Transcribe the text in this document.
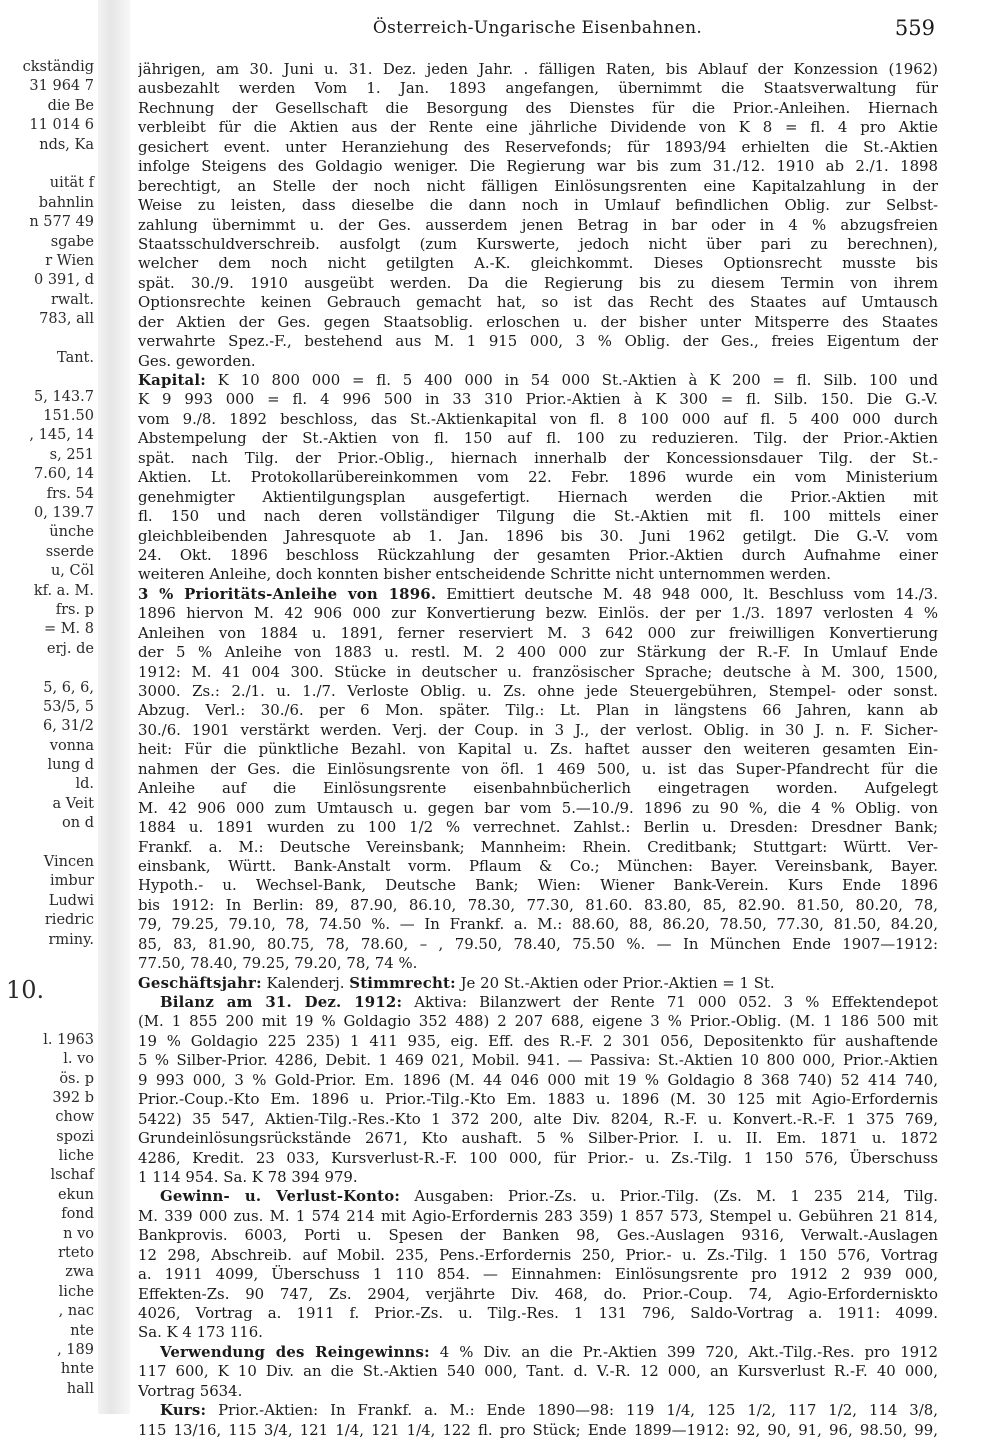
ckständig
31 964 7
die Be
11 014 6
nds, Ka
uität f
bahnlin
n 577 49
sgabe
r Wien
0 391, d
rwalt.
783, all
Tant.
5, 143.7
151.50
, 145, 14
s, 251
7.60, 14
frs. 54
0, 139.7
ünche
sserde
u, Cöl
kf. a. M.
frs. p
= M. 8
erj. de
5, 6, 6,
53/5, 5
6, 31/2
vonna
lung d
ld.
a Veit
on d
Vincen
imbur
Ludwi
riedric
rminy.
10.
l. 1963
l. vo
ös. p
392 b
chow
spozi
liche
lschaf
ekun
fond
n vo
rteto
zwa
liche
, nac
nte
, 189
hnte
hall
Österreich-Ungarische Eisenbahnen.	559
jährigen, am 30. Juni u. 31. Dez. jeden Jahr. . fälligen Raten, bis Ablauf der Konzession (1962)
ausbezahlt werden Vom 1. Jan. 1893 angefangen, übernimmt die Staatsverwaltung für
Rechnung der Gesellschaft die Besorgung des Dienstes für die Prior.-Anleihen. Hiernach
verbleibt für die Aktien aus der Rente eine jährliche Dividende von K 8 = fl. 4 pro Aktie
gesichert event. unter Heranziehung des Reservefonds; für 1893/94 erhielten die St.-Aktien
infolge Steigens des Goldagio weniger. Die Regierung war bis zum 31./12. 1910 ab 2./1. 1898
berechtigt, an Stelle der noch nicht fälligen Einlösungsrenten eine Kapitalzahlung in der
Weise zu leisten, dass dieselbe die dann noch in Umlauf befindlichen Oblig. zur Selbst-
zahlung übernimmt u. der Ges. ausserdem jenen Betrag in bar oder in 4 % abzugsfreien
Staatsschuldverschreib. ausfolgt (zum Kurswerte, jedoch nicht über pari zu berechnen),
welcher dem noch nicht getilgten A.-K. gleichkommt. Dieses Optionsrecht musste bis
spät. 30./9. 1910 ausgeübt werden. Da die Regierung bis zu diesem Termin von ihrem
Optionsrechte keinen Gebrauch gemacht hat, so ist das Recht des Staates auf Umtausch
der Aktien der Ges. gegen Staatsoblig. erloschen u. der bisher unter Mitsperre des Staates
verwahrte Spez.-F., bestehend aus M. 1 915 000, 3 % Oblig. der Ges., freies Eigentum der
Ges. geworden.
Kapital: K 10 800 000 = fl. 5 400 000 in 54 000 St.-Aktien à K 200 = fl. Silb. 100 und
K 9 993 000 = fl. 4 996 500 in 33 310 Prior.-Aktien à K 300 = fl. Silb. 150. Die G.-V.
vom 9./8. 1892 beschloss, das St.-Aktienkapital von fl. 8 100 000 auf fl. 5 400 000 durch
Abstempelung der St.-Aktien von fl. 150 auf fl. 100 zu reduzieren. Tilg. der Prior.-Aktien
spät. nach Tilg. der Prior.-Oblig., hiernach innerhalb der Koncessionsdauer Tilg. der St.-
Aktien. Lt. Protokollarübereinkommen vom 22. Febr. 1896 wurde ein vom Ministerium
genehmigter Aktientilgungsplan ausgefertigt. Hiernach werden die Prior.-Aktien mit
fl. 150 und nach deren vollständiger Tilgung die St.-Aktien mit fl. 100 mittels einer
gleichbleibenden Jahresquote ab 1. Jan. 1896 bis 30. Juni 1962 getilgt. Die G.-V. vom
24. Okt. 1896 beschloss Rückzahlung der gesamten Prior.-Aktien durch Aufnahme einer
weiteren Anleihe, doch konnten bisher entscheidende Schritte nicht unternommen werden.
3 % Prioritäts-Anleihe von 1896. Emittiert deutsche M. 48 948 000, lt. Beschluss vom 14./3.
1896 hiervon M. 42 906 000 zur Konvertierung bezw. Einlös. der per 1./3. 1897 verlosten 4 %
Anleihen von 1884 u. 1891, ferner reserviert M. 3 642 000 zur freiwilligen Konvertierung
der 5 % Anleihe von 1883 u. restl. M. 2 400 000 zur Stärkung der R.-F. In Umlauf Ende
1912: M. 41 004 300. Stücke in deutscher u. französischer Sprache; deutsche à M. 300, 1500,
3000. Zs.: 2./1. u. 1./7. Verloste Oblig. u. Zs. ohne jede Steuergebühren, Stempel- oder sonst.
Abzug. Verl.: 30./6. per 6 Mon. später. Tilg.: Lt. Plan in längstens 66 Jahren, kann ab
30./6. 1901 verstärkt werden. Verj. der Coup. in 3 J., der verlost. Oblig. in 30 J. n. F. Sicher-
heit: Für die pünktliche Bezahl. von Kapital u. Zs. haftet ausser den weiteren gesamten Ein-
nahmen der Ges. die Einlösungsrente von öfl. 1 469 500, u. ist das Super-Pfandrecht für die
Anleihe auf die Einlösungsrente eisenbahnbücherlich eingetragen worden. Aufgelegt
M. 42 906 000 zum Umtausch u. gegen bar vom 5.—10./9. 1896 zu 90 %, die 4 % Oblig. von
1884 u. 1891 wurden zu 100 1/2 % verrechnet. Zahlst.: Berlin u. Dresden: Dresdner Bank;
Frankf. a. M.: Deutsche Vereinsbank; Mannheim: Rhein. Creditbank; Stuttgart: Württ. Ver-
einsbank, Württ. Bank-Anstalt vorm. Pflaum & Co.; München: Bayer. Vereinsbank, Bayer.
Hypoth.- u. Wechsel-Bank, Deutsche Bank; Wien: Wiener Bank-Verein. Kurs Ende 1896
bis 1912: In Berlin: 89, 87.90, 86.10, 78.30, 77.30, 81.60. 83.80, 85, 82.90. 81.50, 80.20, 78,
79, 79.25, 79.10, 78, 74.50 %. — In Frankf. a. M.: 88.60, 88, 86.20, 78.50, 77.30, 81.50, 84.20,
85, 83, 81.90, 80.75, 78, 78.60, – , 79.50, 78.40, 75.50 %. — In München Ende 1907—1912:
77.50, 78.40, 79.25, 79.20, 78, 74 %.
Geschäftsjahr: Kalenderj. Stimmrecht: Je 20 St.-Aktien oder Prior.-Aktien = 1 St.
Bilanz am 31. Dez. 1912: Aktiva: Bilanzwert der Rente 71 000 052. 3 % Effektendepot
(M. 1 855 200 mit 19 % Goldagio 352 488) 2 207 688, eigene 3 % Prior.-Oblig. (M. 1 186 500 mit
19 % Goldagio 225 235) 1 411 935, eig. Eff. des R.-F. 2 301 056, Depositenkto für aushaftende
5 % Silber-Prior. 4286, Debit. 1 469 021, Mobil. 941. — Passiva: St.-Aktien 10 800 000, Prior.-Aktien
9 993 000, 3 % Gold-Prior. Em. 1896 (M. 44 046 000 mit 19 % Goldagio 8 368 740) 52 414 740,
Prior.-Coup.-Kto Em. 1896 u. Prior.-Tilg.-Kto Em. 1883 u. 1896 (M. 30 125 mit Agio-Erfordernis
5422) 35 547, Aktien-Tilg.-Res.-Kto 1 372 200, alte Div. 8204, R.-F. u. Konvert.-R.-F. 1 375 769,
Grundeinlösungsrückstände 2671, Kto aushaft. 5 % Silber-Prior. I. u. II. Em. 1871 u. 1872
4286, Kredit. 23 033, Kursverlust-R.-F. 100 000, für Prior.- u. Zs.-Tilg. 1 150 576, Überschuss
1 114 954. Sa. K 78 394 979.
Gewinn- u. Verlust-Konto: Ausgaben: Prior.-Zs. u. Prior.-Tilg. (Zs. M. 1 235 214, Tilg.
M. 339 000 zus. M. 1 574 214 mit Agio-Erfordernis 283 359) 1 857 573, Stempel u. Gebühren 21 814,
Bankprovis. 6003, Porti u. Spesen der Banken 98, Ges.-Auslagen 9316, Verwalt.-Auslagen
12 298, Abschreib. auf Mobil. 235, Pens.-Erfordernis 250, Prior.- u. Zs.-Tilg. 1 150 576, Vortrag
a. 1911 4099, Überschuss 1 110 854. — Einnahmen: Einlösungsrente pro 1912 2 939 000,
Effekten-Zs. 90 747, Zs. 2904, verjährte Div. 468, do. Prior.-Coup. 74, Agio-Erforderniskto
4026, Vortrag a. 1911 f. Prior.-Zs. u. Tilg.-Res. 1 131 796, Saldo-Vortrag a. 1911: 4099.
Sa. K 4 173 116.
Verwendung des Reingewinns: 4 % Div. an die Pr.-Aktien 399 720, Akt.-Tilg.-Res. pro 1912
117 600, K 10 Div. an die St.-Aktien 540 000, Tant. d. V.-R. 12 000, an Kursverlust R.-F. 40 000,
Vortrag 5634.
Kurs: Prior.-Aktien: In Frankf. a. M.: Ende 1890—98: 119 1/4, 125 1/2, 117 1/2, 114 3/8,
115 13/16, 115 3/4, 121 1/4, 121 1/4, 122 fl. pro Stück; Ende 1899—1912: 92, 90, 91, 96, 98.50, 99,
